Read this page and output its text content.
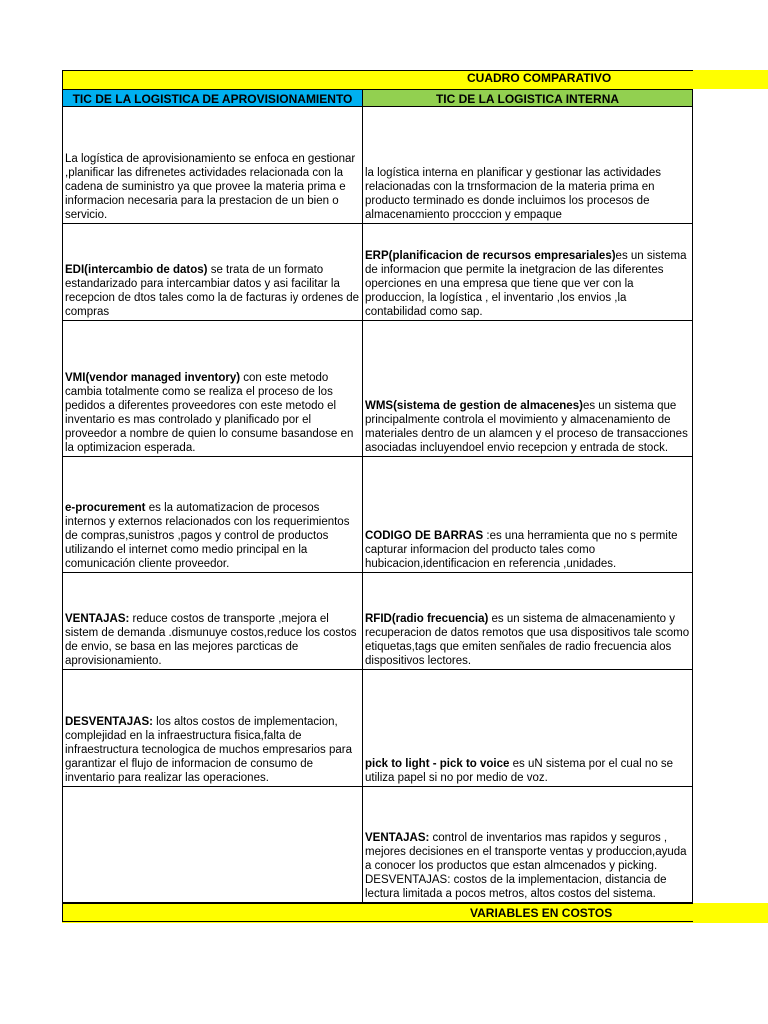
CUADRO COMPARATIVO
TIC DE LA LOGISTICA DE APROVISIONAMIENTO	TIC DE LA LOGISTICA INTERNA
La logística de aprovisionamiento se enfoca en gestionar ,planificar las difrenetes actividades relacionada con la cadena de suministro ya que provee la materia prima e informacion necesaria para la prestacion de un bien o servicio.
la logística interna en planificar y gestionar las actividades relacionadas con la trnsformacion de la materia prima en producto terminado es donde incluimos los procesos de almacenamiento procccion y empaque
EDI(intercambio de datos) se trata de un formato estandarizado para intercambiar datos y asi facilitar la recepcion de dtos tales como la de facturas iy ordenes de compras
ERP(planificacion de recursos empresariales)es un sistema de informacion que permite la inetgracion de las diferentes operciones en una empresa que tiene que ver con la produccion, la logística , el inventario ,los envios ,la contabilidad como sap.
VMI(vendor managed inventory) con este metodo cambia totalmente como se realiza el proceso de los pedidos a diferentes proveedores con este metodo el inventario es mas controlado y planificado por el proveedor a nombre de quien lo consume basandose en la optimizacion esperada.
WMS(sistema de gestion de almacenes)es un sistema que principalmente controla el movimiento y almacenamiento de materiales dentro de un alamcen y el proceso de transacciones asociadas incluyendoel envio recepcion y entrada de stock.
e-procurement es la automatizacion de procesos internos y externos relacionados con los requerimientos de compras,sunistros ,pagos y control de productos utilizando el internet como medio principal en la comunicación cliente proveedor.
CODIGO DE BARRAS :es una herramienta que no s permite capturar informacion del producto tales como hubicacion,identificacion en referencia ,unidades.
VENTAJAS: reduce costos de transporte ,mejora el sistem de demanda .dismunuye costos,reduce los costos de envio, se basa en las mejores parcticas de aprovisionamiento.
RFID(radio frecuencia) es un sistema de almacenamiento y recuperacion de datos remotos que usa dispositivos tale scomo etiquetas,tags que emiten senñales de radio frecuencia alos dispositivos lectores.
DESVENTAJAS: los altos costos de implementacion, complejidad en la infraestructura fisica,falta de infraestructura tecnologica de muchos empresarios para garantizar el flujo de informacion de consumo de inventario para realizar las operaciones.
pick to light - pick to voice es uN sistema por el cual no se utiliza papel si no por medio de voz.
VENTAJAS: control de inventarios mas rapidos y seguros , mejores decisiones en el transporte ventas y produccion,ayuda a conocer los productos que estan almcenados y picking. DESVENTAJAS: costos de la implementacion, distancia de lectura limitada a pocos metros, altos costos del sistema.
VARIABLES EN COSTOS
